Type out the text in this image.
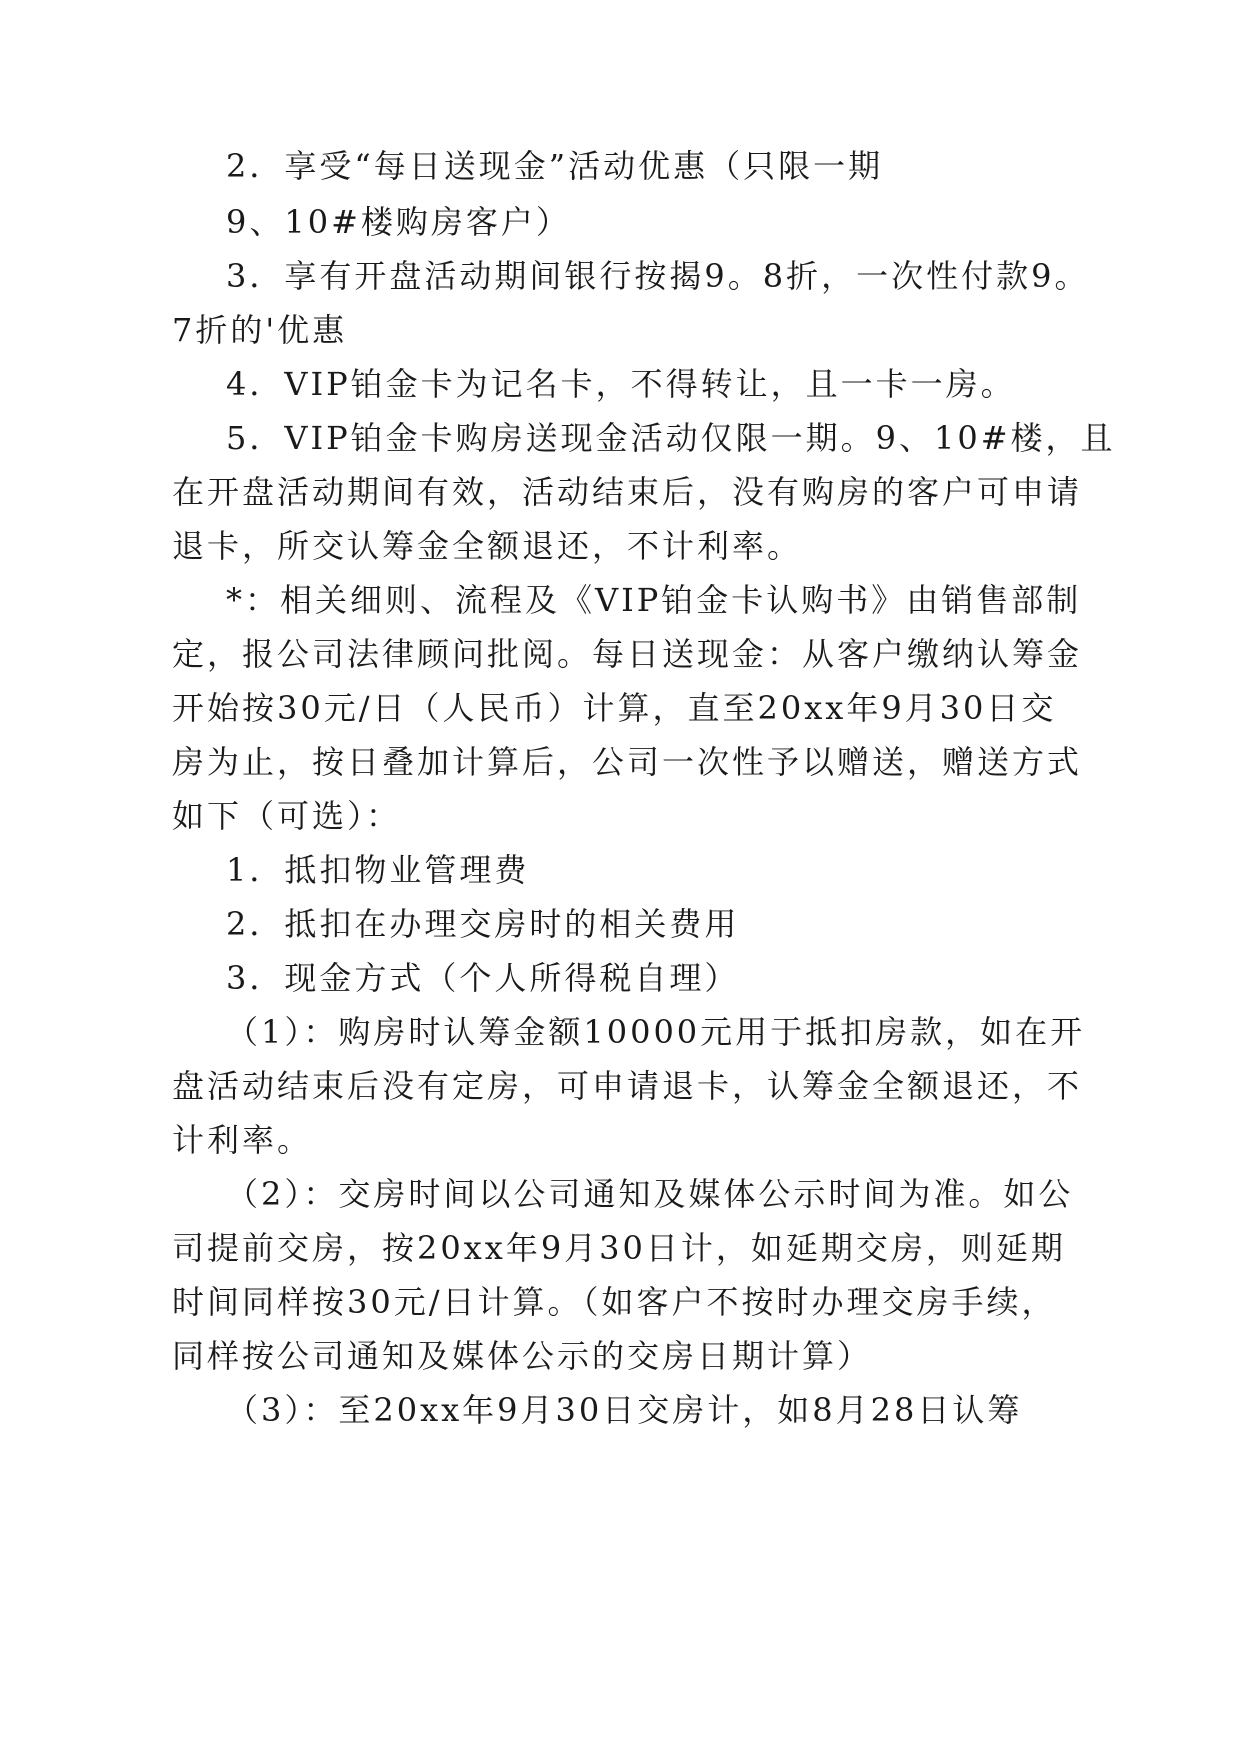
2．享受“每日送现金”活动优惠（只限一期
9、10#楼购房客户）
3．享有开盘活动期间银行按揭9。8折，一次性付款9。
7折的'优惠
4．VIP铂金卡为记名卡，不得转让，且一卡一房。
5．VIP铂金卡购房送现金活动仅限一期。9、10#楼，且
在开盘活动期间有效，活动结束后，没有购房的客户可申请
退卡，所交认筹金全额退还，不计利率。
*：相关细则、流程及《VIP铂金卡认购书》由销售部制
定，报公司法律顾问批阅。每日送现金：从客户缴纳认筹金
开始按30元/日（人民币）计算，直至20xx年9月30日交
房为止，按日叠加计算后，公司一次性予以赠送，赠送方式
如下（可选）：
1．抵扣物业管理费
2．抵扣在办理交房时的相关费用
3．现金方式（个人所得税自理）
（1）：购房时认筹金额10000元用于抵扣房款，如在开
盘活动结束后没有定房，可申请退卡，认筹金全额退还，不
计利率。
（2）：交房时间以公司通知及媒体公示时间为准。如公
司提前交房，按20xx年9月30日计，如延期交房，则延期
时间同样按30元/日计算。（如客户不按时办理交房手续，
同样按公司通知及媒体公示的交房日期计算）
（3）：至20xx年9月30日交房计，如8月28日认筹
